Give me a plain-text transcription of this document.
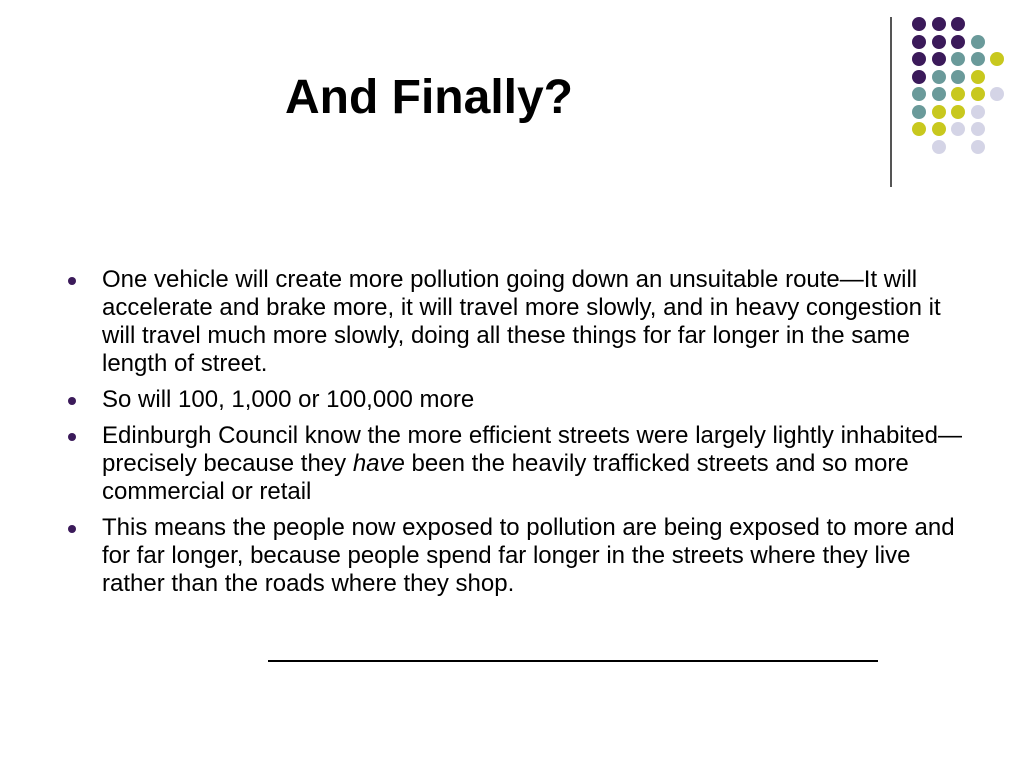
And Finally?
One vehicle will create more pollution going down an unsuitable route—It will accelerate and brake more, it will travel more slowly, and in heavy congestion it will travel much more slowly, doing all these things for far longer in the same length of street.
So will 100, 1,000 or 100,000 more
Edinburgh Council know the more efficient streets were largely lightly inhabited—precisely because they have been the heavily trafficked streets and so more commercial or retail
This means the people now exposed to pollution are being exposed to more and for far longer, because people spend far longer in the streets where they live rather than the roads where they shop.
